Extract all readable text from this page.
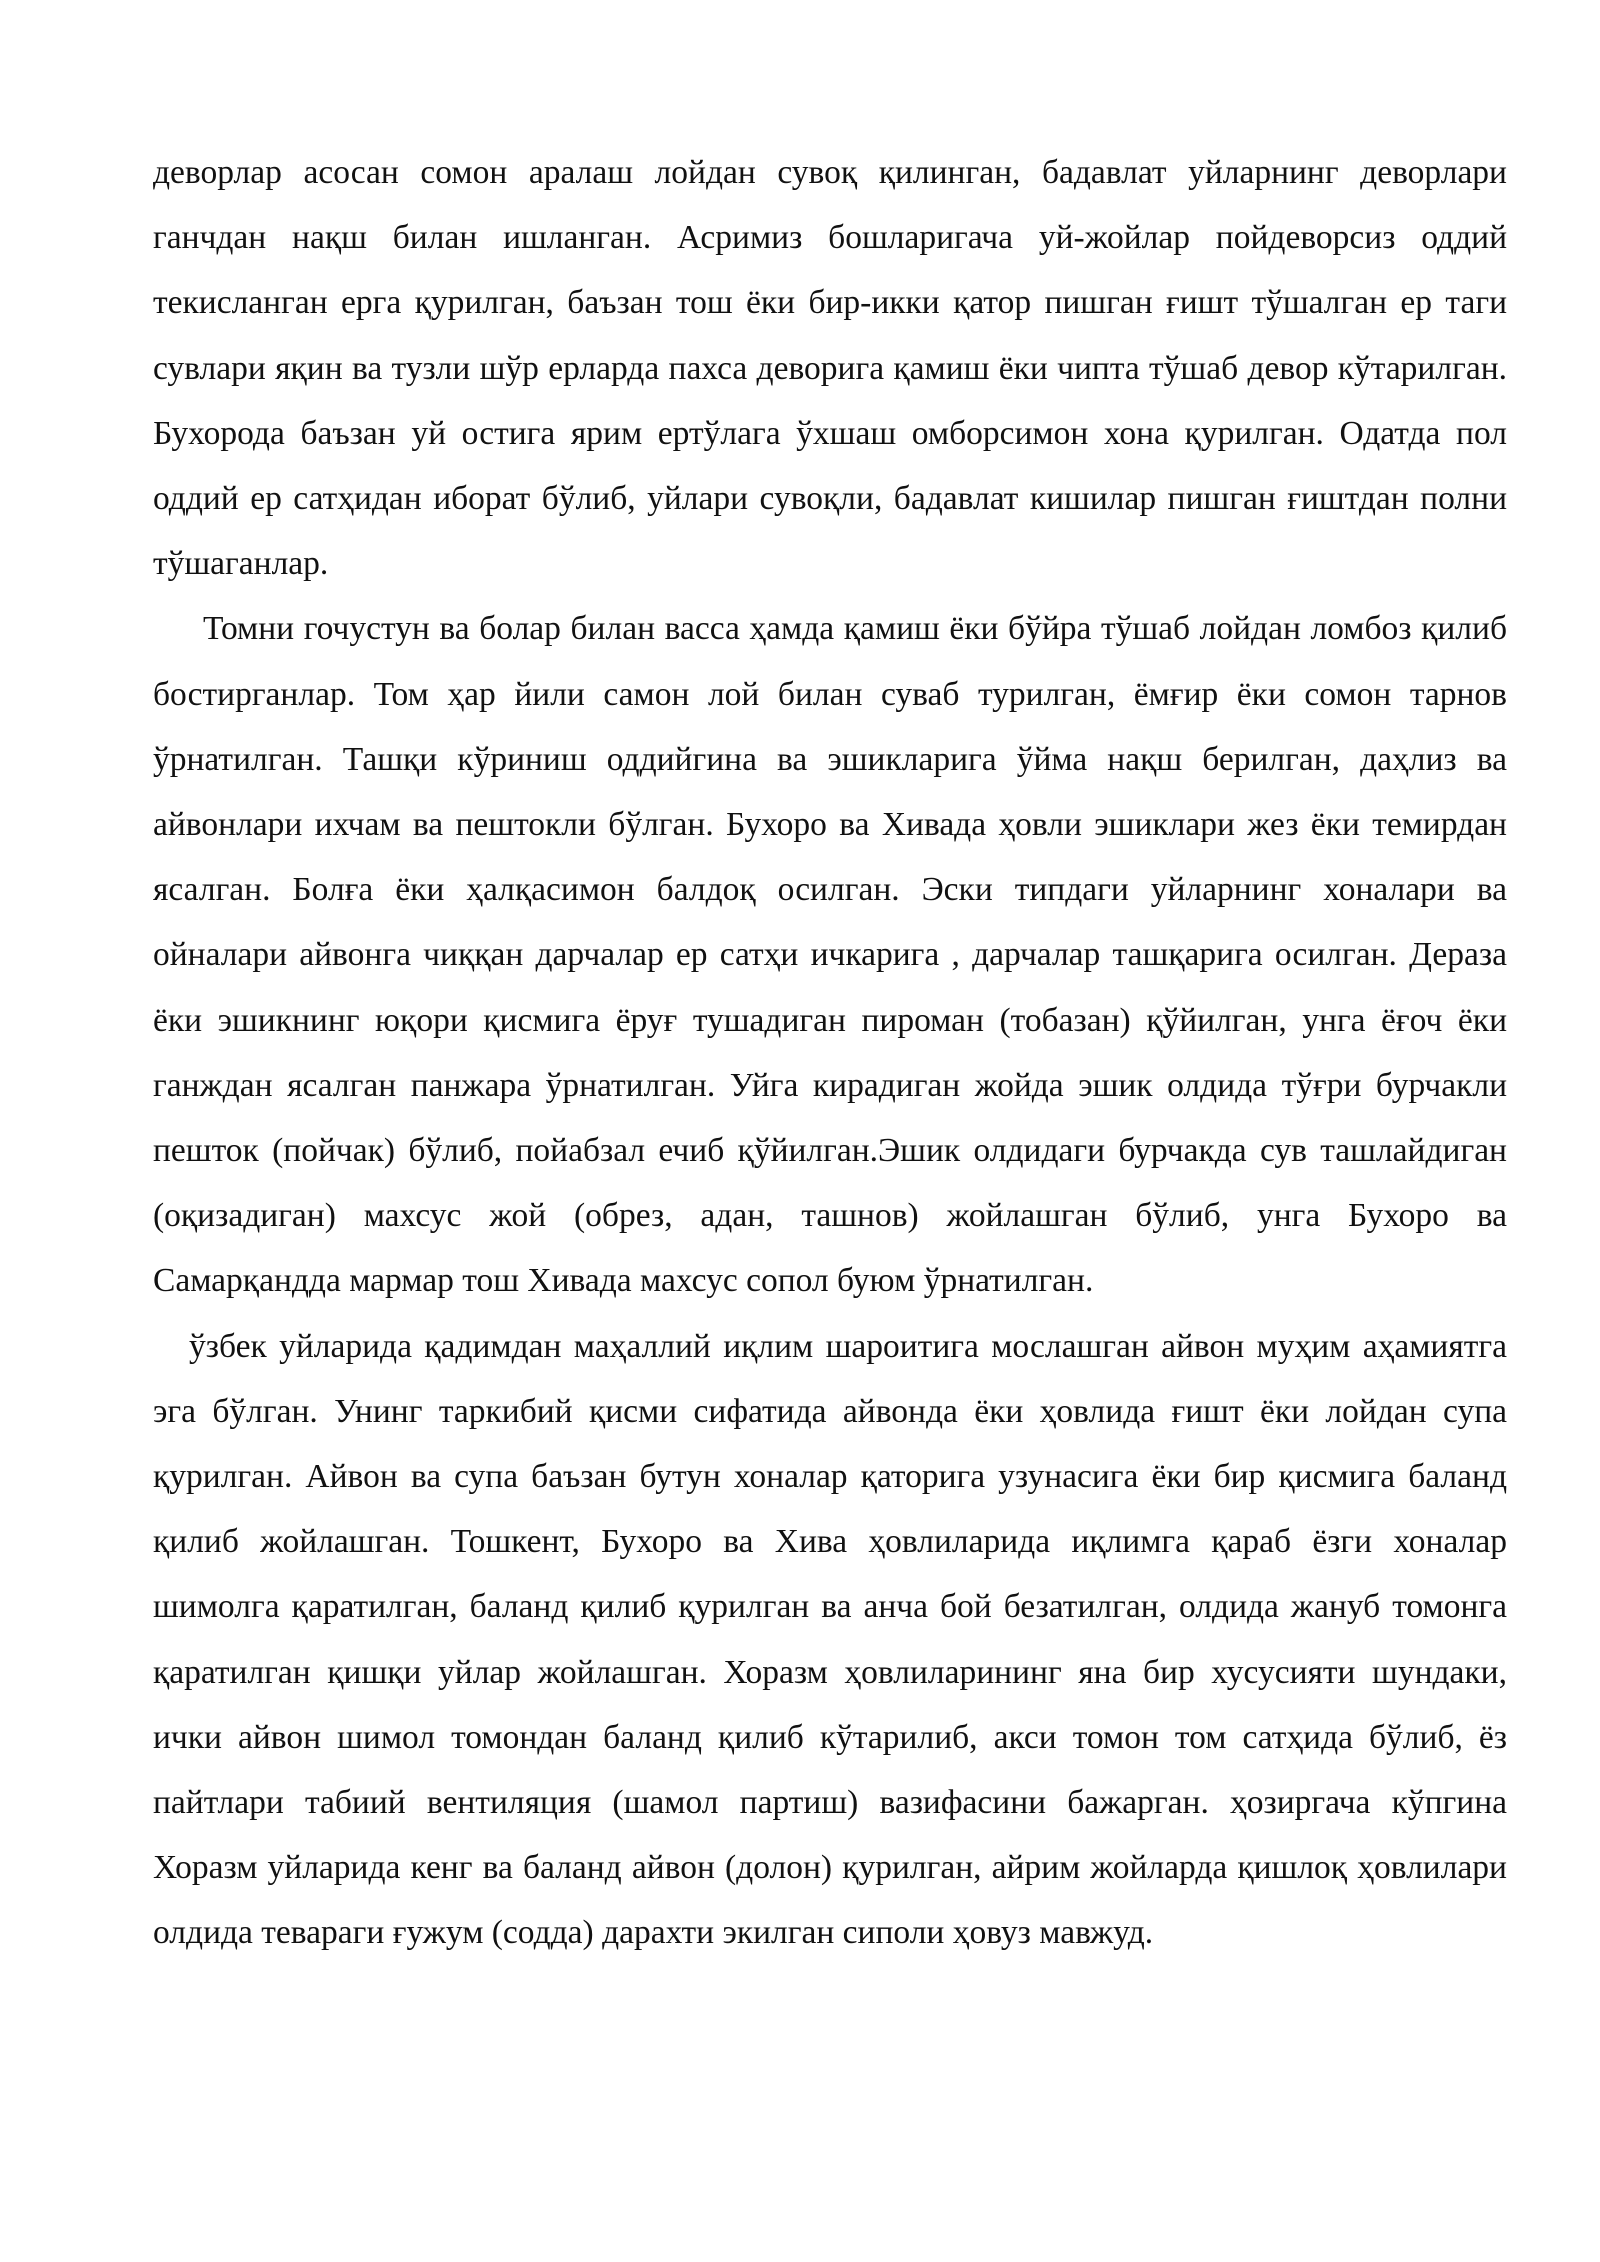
деворлар асосан сомон аралаш лойдан сувоқ қилинган, бадавлат уйларнинг деворлари ганчдан нақш билан ишланган. Асримиз бошларигача уй-жойлар пойдеворсиз оддий текисланган ерга қурилган, баъзан тош ёки бир-икки қатор пишган ғишт тўшалган ер таги сувлари яқин ва тузли шўр ерларда пахса деворига қамиш ёки чипта тўшаб девор кўтарилган. Бухорода баъзан уй остига ярим ертўлага ўхшаш омборсимон хона қурилган. Одатда пол оддий ер сатҳидан иборат бўлиб, уйлари сувоқли, бадавлат кишилар пишган ғиштдан полни тўшаганлар.

Томни гочустун ва болар билан васса ҳамда қамиш ёки бўйра тўшаб лойдан ломбоз қилиб бостирганлар. Том ҳар йили самон лой билан суваб турилган, ёмғир ёки сомон тарнов ўрнатилган. Ташқи кўриниш оддийгина ва эшикларига ўйма нақш берилган, даҳлиз ва айвонлари ихчам ва пештокли бўлган. Бухоро ва Хивада ҳовли эшиклари жез ёки темирдан ясалган. Болға ёки ҳалқасимон балдоқ осилган. Эски типдаги уйларнинг хоналари ва ойналари айвонга чиққан дарчалар ер сатҳи ичкарига , дарчалар ташқарига осилган. Дераза ёки эшикнинг юқори қисмига ёруғ тушадиган пироман (тобазан) қўйилган, унга ёғоч ёки ганждан ясалган панжара ўрнатилган. Уйга кирадиган жойда эшик олдида тўғри бурчакли пешток (пойчак) бўлиб, пойабзал ечиб қўйилган.Эшик олдидаги бурчакда сув ташлайдиган (оқизадиган) махсус жой (обрез, адан, ташнов) жойлашган бўлиб, унга Бухоро ва Самарқандда мармар тош Хивада махсус сопол буюм ўрнатилган.

ўзбек уйларида қадимдан маҳаллий иқлим шароитига мослашган айвон муҳим аҳамиятга эга бўлган. Унинг таркибий қисми сифатида айвонда ёки ҳовлида ғишт ёки лойдан супа қурилган. Айвон ва супа баъзан бутун хоналар қаторига узунасига ёки бир қисмига баланд қилиб жойлашган. Тошкент, Бухоро ва Хива ҳовлиларида иқлимга қараб ёзги хоналар шимолга қаратилган, баланд қилиб қурилган ва анча бой безатилган, олдида жануб томонга қаратилган қишқи уйлар жойлашган. Хоразм ҳовлиларининг яна бир хусусияти шундаки, ички айвон шимол томондан баланд қилиб кўтарилиб, акси томон том сатҳида бўлиб, ёз пайтлари табиий вентиляция (шамол партиш) вазифасини бажарган. ҳозиргача кўпгина Хоразм уйларида кенг ва баланд айвон (долон) қурилган, айрим жойларда қишлоқ ҳовлилари олдида тевараги ғужум (содда) дарахти экилган сиполи ҳовуз мавжуд.
